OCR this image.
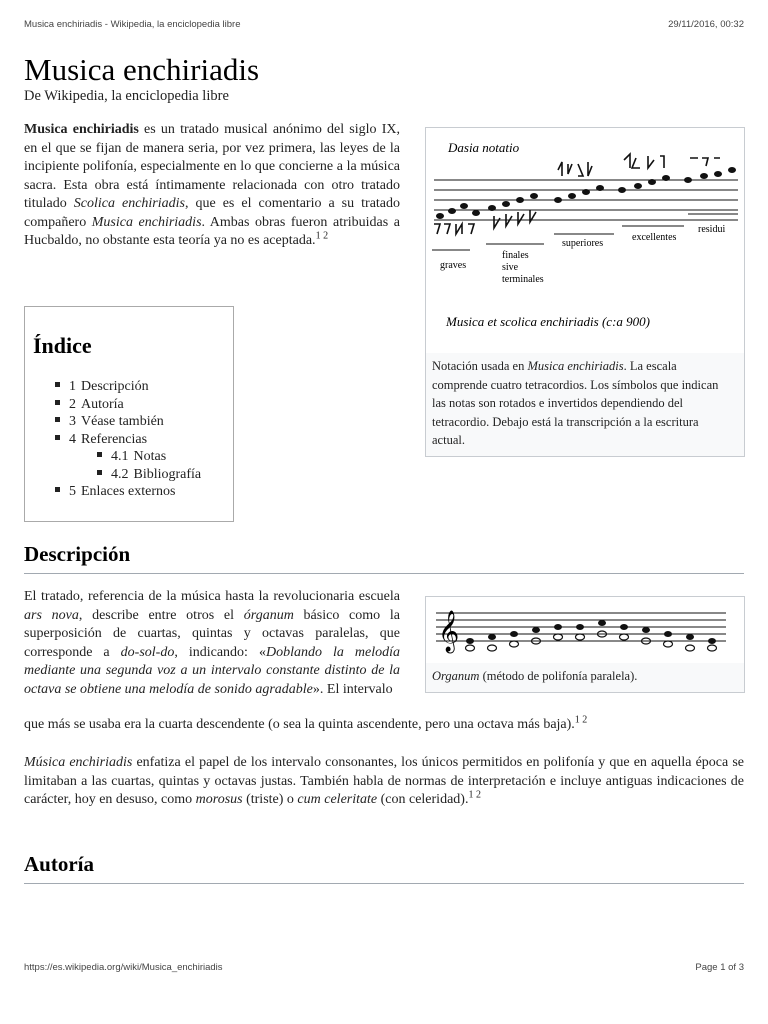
Musica enchiriadis - Wikipedia, la enciclopedia libre	29/11/2016, 00:32
Musica enchiriadis
De Wikipedia, la enciclopedia libre

Musica enchiriadis es un tratado musical anónimo del siglo IX, en el que se fijan de manera seria, por vez primera, las leyes de la incipiente polifonía, especialmente en lo que concierne a la música sacra. Esta obra está íntimamente relacionada con otro tratado titulado Scolica enchiriadis, que es el comentario a su tratado compañero Musica enchiriadis. Ambas obras fueron atribuidas a Hucbaldo, no obstante esta teoría ya no es aceptada.$^{1 2}$

Índice
1 Descripción
2 Autoría
3 Véase también
4 Referencias
4.1 Notas
4.2 Bibliografía
5 Enlaces externos
Dasia notatio
graves
finales
sive
terminales
superiores
excellentes
residui
Musica et scolica enchiriadis (c:a 900)
Notación usada en Musica enchiriadis. La escala comprende cuatro tetracordios. Los símbolos que indican las notas son rotados e invertidos dependiendo del tetracordio. Debajo está la transcripción a la escritura actual.
Descripción

El tratado, referencia de la música hasta la revolucionaria escuela ars nova, describe entre otros el órganum básico como la superposición de cuartas, quintas y octavas paralelas, que corresponde a do-sol-do, indicando: «Doblando la melodía mediante una segunda voz a un intervalo constante distinto de la octava se obtiene una melodía de sonido agradable». El intervalo

que más se usaba era la cuarta descendente (o sea la quinta ascendente, pero una octava más baja).$^{1 2}$

𝄞
Organum (método de polifonía paralela).

Música enchiriadis enfatiza el papel de los intervalo consonantes, los únicos permitidos en polifonía y que en aquella época se limitaban a las cuartas, quintas y octavas justas. También habla de normas de interpretación e incluye antiguas indicaciones de carácter, hoy en desuso, como morosus (triste) o cum celeritate (con celeridad).$^{1 2}$

Autoría
https://es.wikipedia.org/wiki/Musica_enchiriadis	Page 1 of 3
